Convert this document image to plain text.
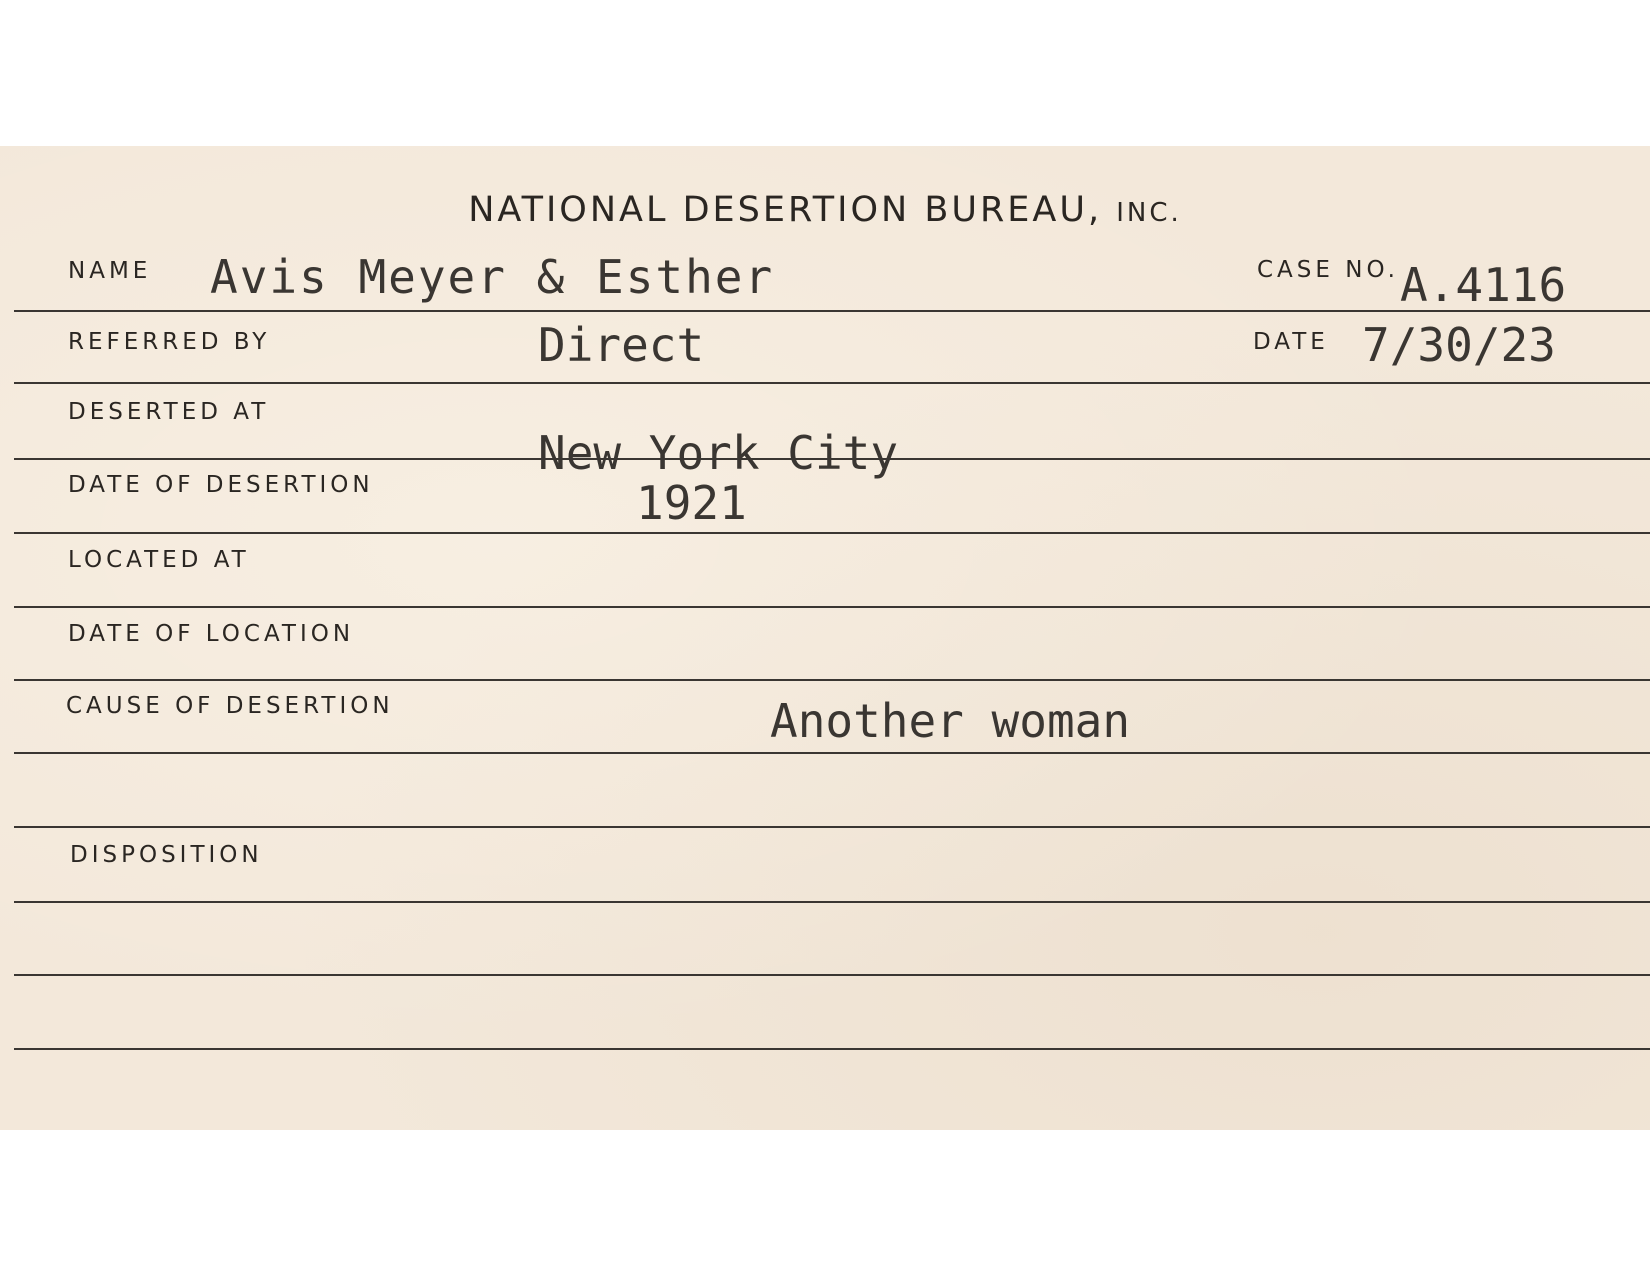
NATIONAL DESERTION BUREAU, INC.
NAME Avis Meyer & Esther	CASE NO. A.4116
REFERRED BY	Direct	DATE 7/30/23
DESERTED AT
New York City
DATE OF DESERTION	1921
LOCATED AT
DATE OF LOCATION
CAUSE OF DESERTION	Another woman
DISPOSITION
